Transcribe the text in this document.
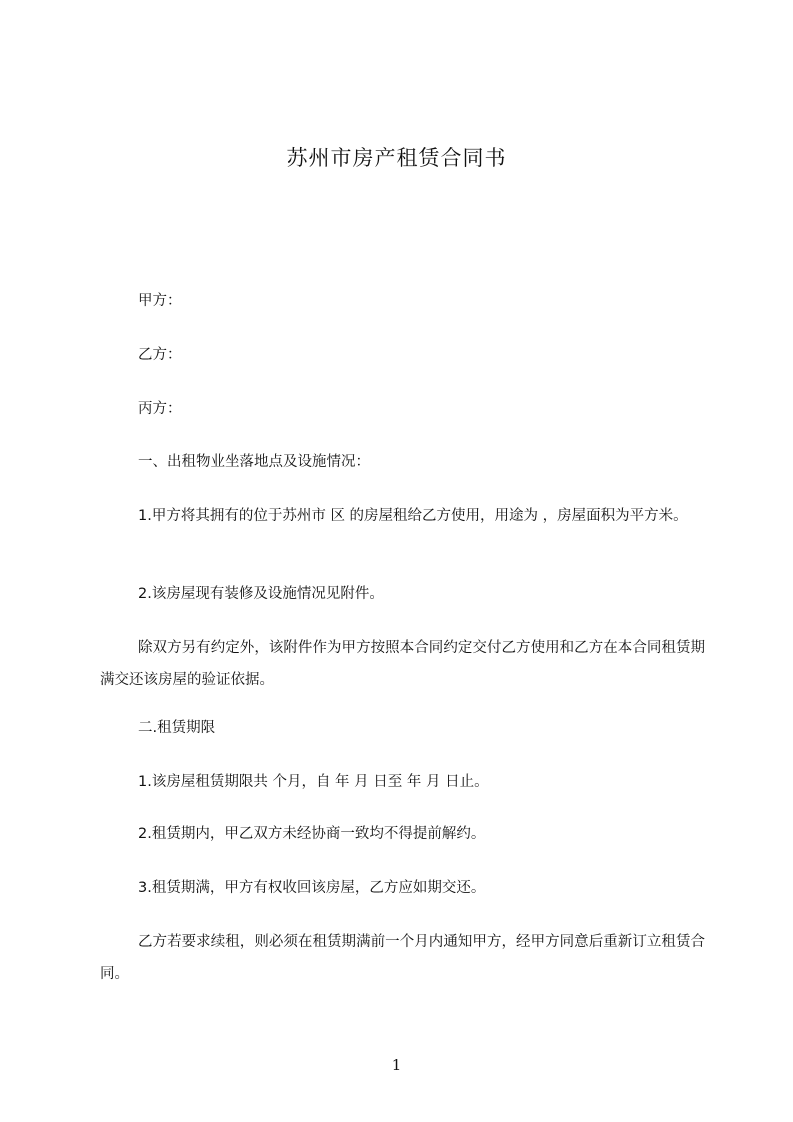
苏州市房产租赁合同书
甲方：
乙方：
丙方：
一、出租物业坐落地点及设施情况：
1.甲方将其拥有的位于苏州市 区 的房屋租给乙方使用，用途为 ，房屋面积为平方米。
2.该房屋现有装修及设施情况见附件。
除双方另有约定外，该附件作为甲方按照本合同约定交付乙方使用和乙方在本合同租赁期满交还该房屋的验证依据。
二.租赁期限
1.该房屋租赁期限共 个月，自 年 月 日至 年 月 日止。
2.租赁期内，甲乙双方未经协商一致均不得提前解约。
3.租赁期满，甲方有权收回该房屋，乙方应如期交还。
乙方若要求续租，则必须在租赁期满前一个月内通知甲方，经甲方同意后重新订立租赁合同。
1
